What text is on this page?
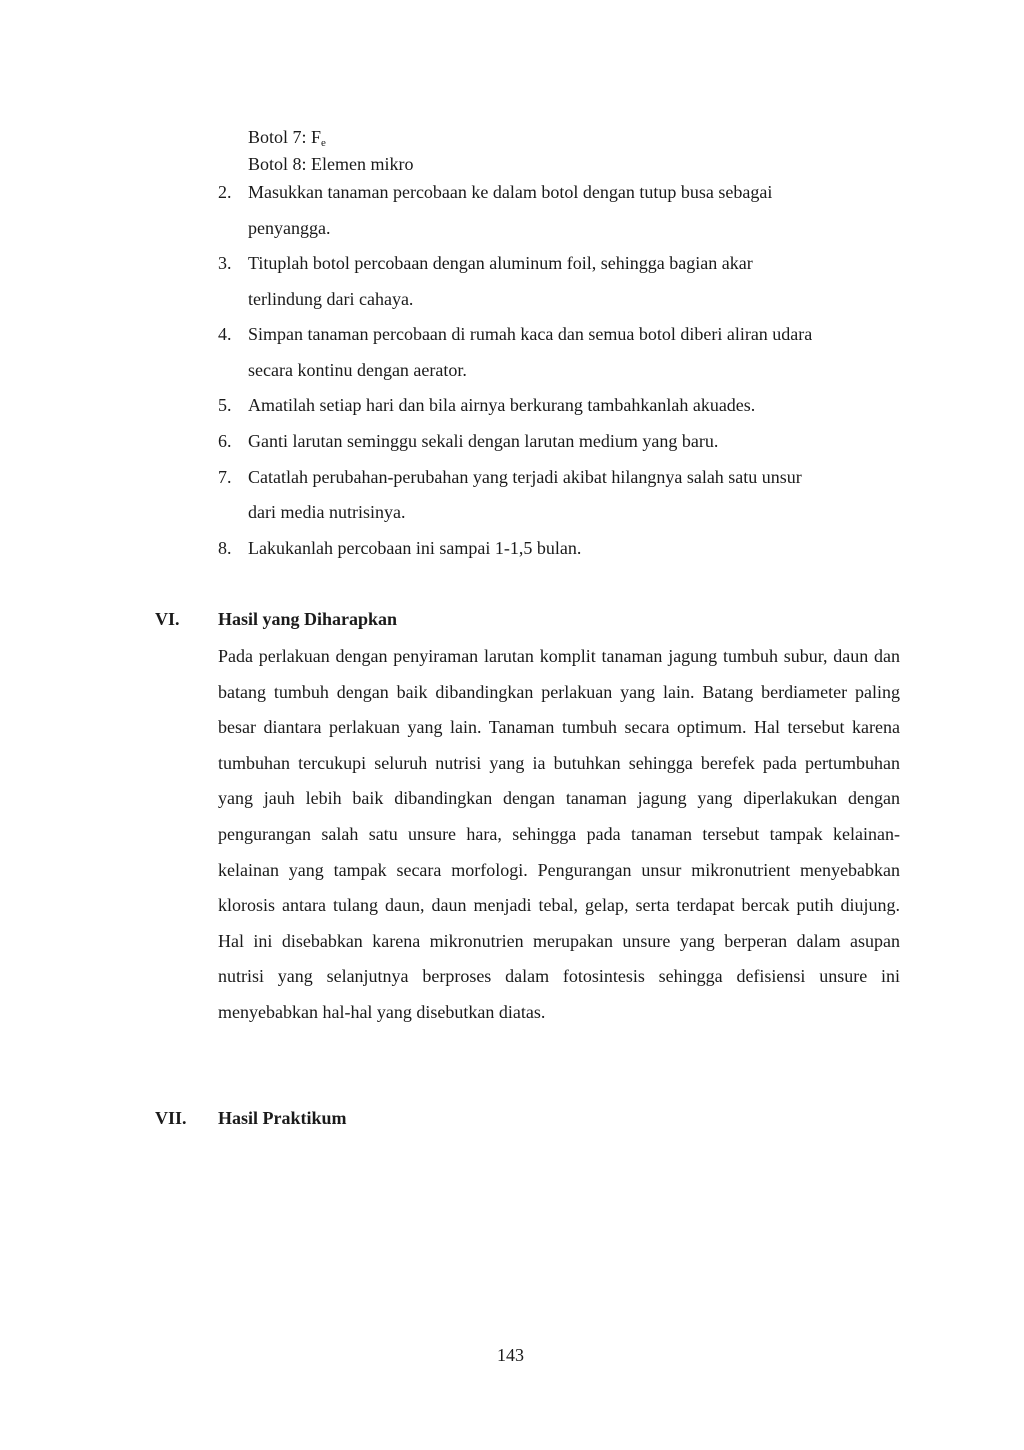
Botol 7: $F_e$
Botol 8: Elemen mikro
2. Masukkan tanaman percobaan ke dalam botol dengan tutup busa sebagai
penyangga.
3. Tituplah botol percobaan dengan aluminum foil, sehingga bagian akar
terlindung dari cahaya.
4. Simpan tanaman percobaan di rumah kaca dan semua botol diberi aliran udara
secara kontinu dengan aerator.
5. Amatilah setiap hari dan bila airnya berkurang tambahkanlah akuades.
6. Ganti larutan seminggu sekali dengan larutan medium yang baru.
7. Catatlah perubahan-perubahan yang terjadi akibat hilangnya salah satu unsur
dari media nutrisinya.
8. Lakukanlah percobaan ini sampai 1-1,5 bulan.
VI. Hasil yang Diharapkan
Pada perlakuan dengan penyiraman larutan komplit tanaman jagung tumbuh subur, daun dan batang tumbuh dengan baik dibandingkan perlakuan yang lain. Batang berdiameter paling besar diantara perlakuan yang lain. Tanaman tumbuh secara optimum. Hal tersebut karena tumbuhan tercukupi seluruh nutrisi yang ia butuhkan sehingga berefek pada pertumbuhan yang jauh lebih baik dibandingkan dengan tanaman jagung yang diperlakukan dengan pengurangan salah satu unsure hara, sehingga pada tanaman tersebut tampak kelainan-kelainan yang tampak secara morfologi. Pengurangan unsur mikronutrient menyebabkan klorosis antara tulang daun, daun menjadi tebal, gelap, serta terdapat bercak putih diujung. Hal ini disebabkan karena mikronutrien merupakan unsure yang berperan dalam asupan nutrisi yang selanjutnya berproses dalam fotosintesis sehingga defisiensi unsure ini menyebabkan hal-hal yang disebutkan diatas.
VII. Hasil Praktikum
143
